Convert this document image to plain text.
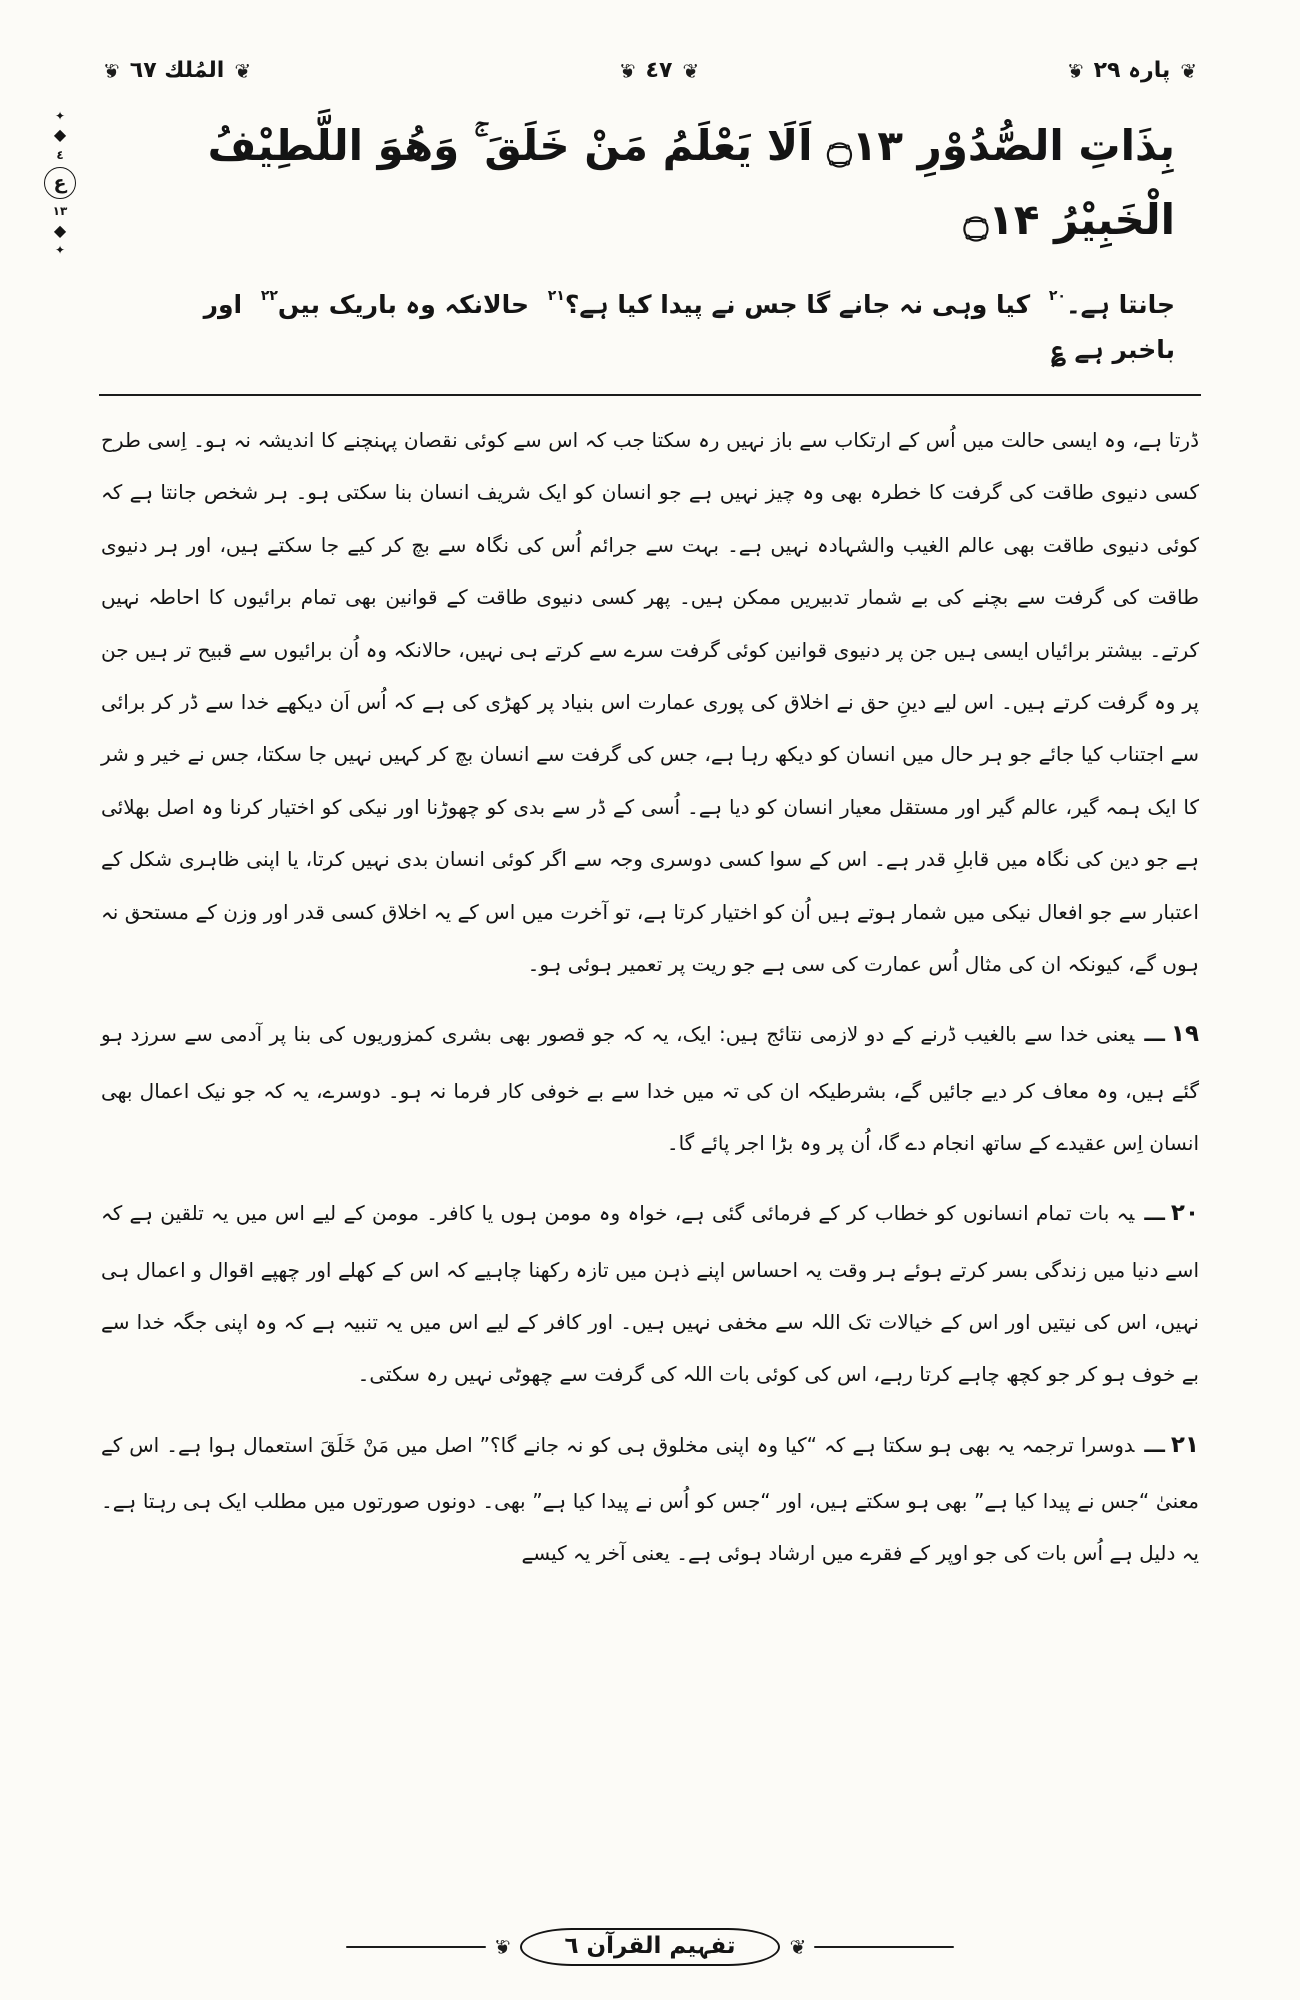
❦
پارہ ۲۹
❦
❦
٤٧
❦
❦
المُلك ٦٧
❦
✦
◆
٤
ع
١٣
◆
✦

بِذَاتِ الصُّدُوْرِ ۝۱۳ اَلَا يَعْلَمُ مَنْ خَلَقَ ۚ وَهُوَ اللَّطِيْفُ الْخَبِيْرُ ۝۱۴

جانتا ہے۔$^{۲۰}$ کیا وہی نہ جانے گا جس نے پیدا کیا ہے؟$^{۲۱}$ حالانکہ وہ باریک بیں$^{۲۲}$ اور باخبر ہے ؏

ڈرتا ہے، وہ ایسی حالت میں اُس کے ارتکاب سے باز نہیں رہ سکتا جب کہ اس سے کوئی نقصان پہنچنے کا اندیشہ نہ ہو۔ اِسی طرح کسی دنیوی طاقت کی گرفت کا خطرہ بھی وہ چیز نہیں ہے جو انسان کو ایک شریف انسان بنا سکتی ہو۔ ہر شخص جانتا ہے کہ کوئی دنیوی طاقت بھی عالم الغیب والشہادہ نہیں ہے۔ بہت سے جرائم اُس کی نگاہ سے بچ کر کیے جا سکتے ہیں، اور ہر دنیوی طاقت کی گرفت سے بچنے کی بے شمار تدبیریں ممکن ہیں۔ پھر کسی دنیوی طاقت کے قوانین بھی تمام برائیوں کا احاطہ نہیں کرتے۔ بیشتر برائیاں ایسی ہیں جن پر دنیوی قوانین کوئی گرفت سرے سے کرتے ہی نہیں، حالانکہ وہ اُن برائیوں سے قبیح تر ہیں جن پر وہ گرفت کرتے ہیں۔ اس لیے دینِ حق نے اخلاق کی پوری عمارت اس بنیاد پر کھڑی کی ہے کہ اُس اَن دیکھے خدا سے ڈر کر برائی سے اجتناب کیا جائے جو ہر حال میں انسان کو دیکھ رہا ہے، جس کی گرفت سے انسان بچ کر کہیں نہیں جا سکتا، جس نے خیر و شر کا ایک ہمہ گیر، عالم گیر اور مستقل معیار انسان کو دیا ہے۔ اُسی کے ڈر سے بدی کو چھوڑنا اور نیکی کو اختیار کرنا وہ اصل بھلائی ہے جو دین کی نگاہ میں قابلِ قدر ہے۔ اس کے سوا کسی دوسری وجہ سے اگر کوئی انسان بدی نہیں کرتا، یا اپنی ظاہری شکل کے اعتبار سے جو افعال نیکی میں شمار ہوتے ہیں اُن کو اختیار کرتا ہے، تو آخرت میں اس کے یہ اخلاق کسی قدر اور وزن کے مستحق نہ ہوں گے، کیونکہ ان کی مثال اُس عمارت کی سی ہے جو ریت پر تعمیر ہوئی ہو۔

۱۹ـــیعنی خدا سے بالغیب ڈرنے کے دو لازمی نتائج ہیں: ایک، یہ کہ جو قصور بھی بشری کمزوریوں کی بنا پر آدمی سے سرزد ہو گئے ہیں، وہ معاف کر دیے جائیں گے، بشرطیکہ ان کی تہ میں خدا سے بے خوفی کار فرما نہ ہو۔ دوسرے، یہ کہ جو نیک اعمال بھی انسان اِس عقیدے کے ساتھ انجام دے گا، اُن پر وہ بڑا اجر پائے گا۔

۲۰ـــیہ بات تمام انسانوں کو خطاب کر کے فرمائی گئی ہے، خواہ وہ مومن ہوں یا کافر۔ مومن کے لیے اس میں یہ تلقین ہے کہ اسے دنیا میں زندگی بسر کرتے ہوئے ہر وقت یہ احساس اپنے ذہن میں تازہ رکھنا چاہیے کہ اس کے کھلے اور چھپے اقوال و اعمال ہی نہیں، اس کی نیتیں اور اس کے خیالات تک اللہ سے مخفی نہیں ہیں۔ اور کافر کے لیے اس میں یہ تنبیہ ہے کہ وہ اپنی جگہ خدا سے بے خوف ہو کر جو کچھ چاہے کرتا رہے، اس کی کوئی بات اللہ کی گرفت سے چھوٹی نہیں رہ سکتی۔

۲۱ـــدوسرا ترجمہ یہ بھی ہو سکتا ہے کہ “کیا وہ اپنی مخلوق ہی کو نہ جانے گا؟” اصل میں مَنْ خَلَقَ استعمال ہوا ہے۔ اس کے معنیٰ “جس نے پیدا کیا ہے” بھی ہو سکتے ہیں، اور “جس کو اُس نے پیدا کیا ہے” بھی۔ دونوں صورتوں میں مطلب ایک ہی رہتا ہے۔ یہ دلیل ہے اُس بات کی جو اوپر کے فقرے میں ارشاد ہوئی ہے۔ یعنی آخر یہ کیسے

❦
تفہیم القرآن ٦
❦
